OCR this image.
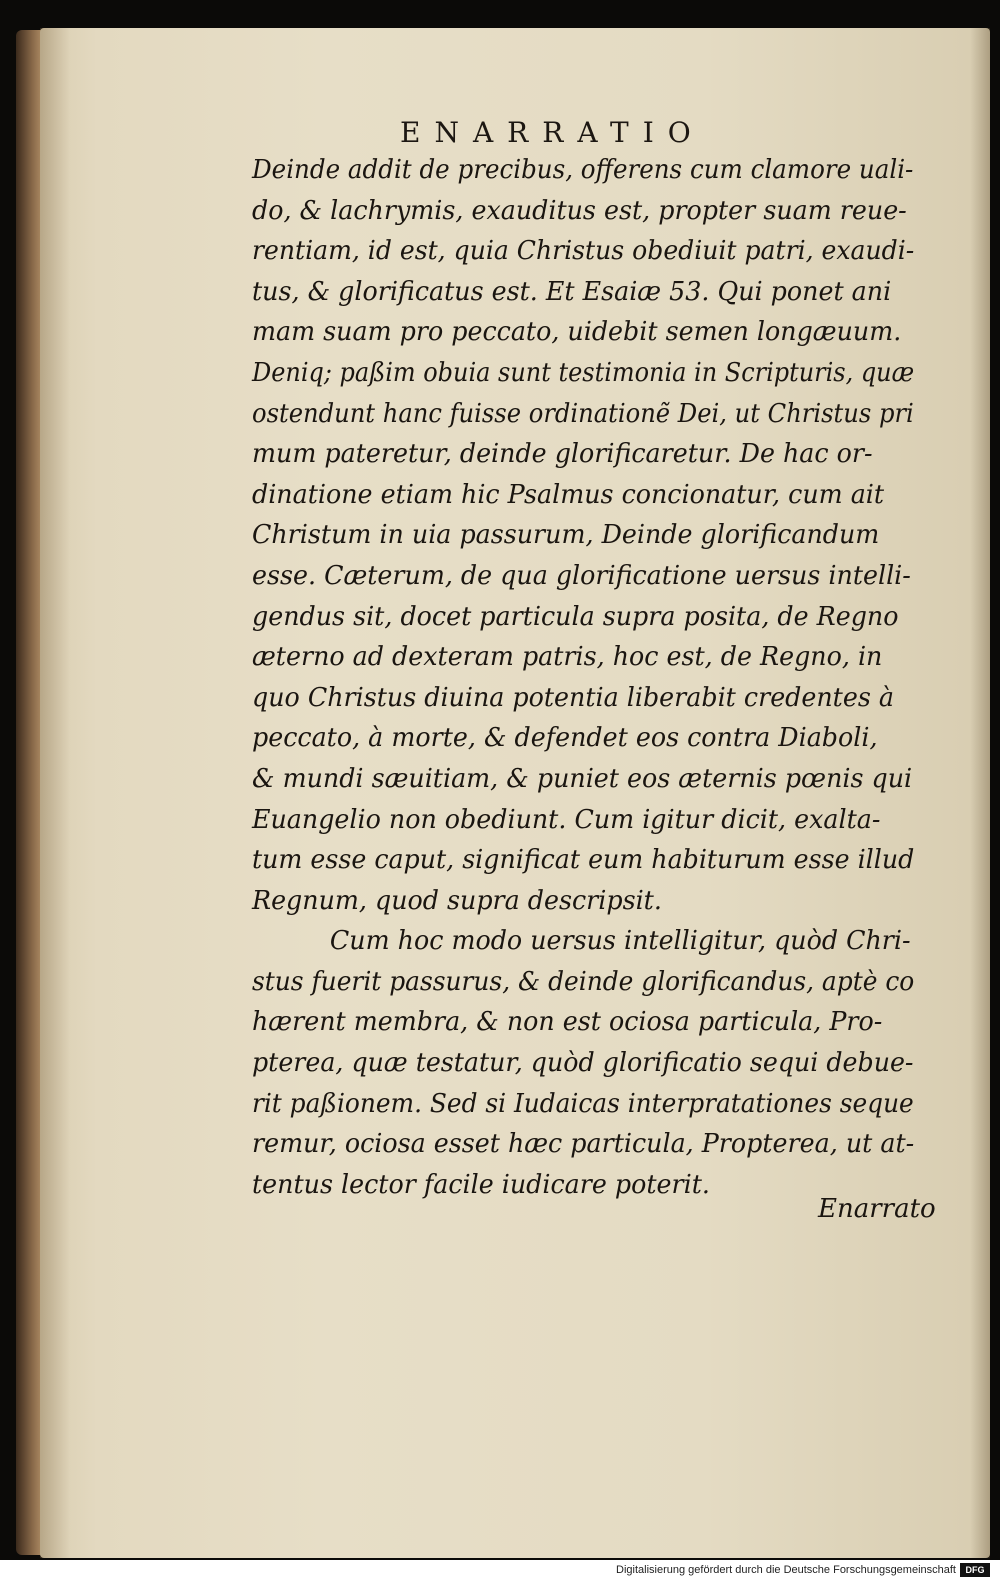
ENARRATIO
Deinde addit de precibus, offerens cum clamore uali-
do, & lachrymis, exauditus est, propter suam reue-
rentiam, id est, quia Christus obediuit patri, exaudi-
tus, & glorificatus est. Et Esaiæ 53. Qui ponet ani
mam suam pro peccato, uidebit semen longæuum.
Deniq; paßim obuia sunt testimonia in Scripturis, quæ
ostendunt hanc fuisse ordinationẽ Dei, ut Christus pri
mum pateretur, deinde glorificaretur. De hac or-
dinatione etiam hic Psalmus concionatur, cum ait
Christum in uia passurum, Deinde glorificandum
esse. Cæterum, de qua glorificatione uersus intelli-
gendus sit, docet particula supra posita, de Regno
æterno ad dexteram patris, hoc est, de Regno, in
quo Christus diuina potentia liberabit credentes à
peccato, à morte, & defendet eos contra Diaboli,
& mundi sæuitiam, & puniet eos æternis pœnis qui
Euangelio non obediunt. Cum igitur dicit, exalta-
tum esse caput, significat eum habiturum esse illud
Regnum, quod supra descripsit.
Cum hoc modo uersus intelligitur, quòd Chri-
stus fuerit passurus, & deinde glorificandus, aptè co
hærent membra, & non est ociosa particula, Pro-
pterea, quæ testatur, quòd glorificatio sequi debue-
rit paßionem. Sed si Iudaicas interpratationes seque
remur, ociosa esset hæc particula, Propterea, ut at-
tentus lector facile iudicare poterit.
Enarrato
Digitalisierung gefördert durch die Deutsche Forschungsgemeinschaft	DFG
